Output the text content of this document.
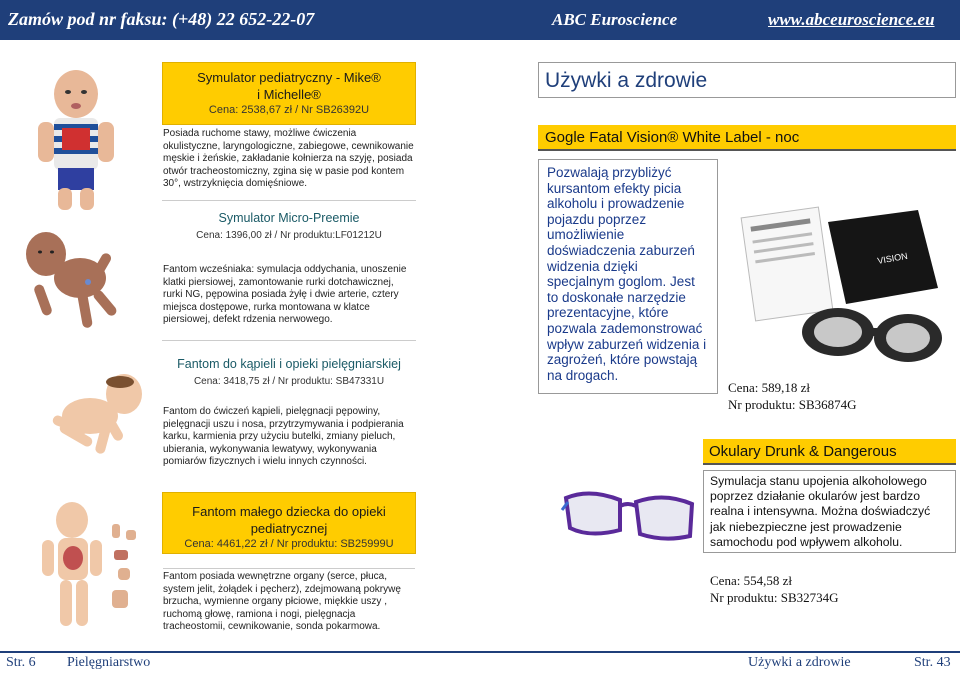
Zamów pod nr faksu: (+48) 22 652-22-07	ABC Euroscience	www.abceuroscience.eu
Symulator pediatryczny - Mike®
i Michelle®
Cena: 2538,67 zł / Nr SB26392U
Posiada ruchome stawy, możliwe ćwiczenia okulistyczne, laryngologiczne, zabiegowe, cewnikowanie męskie i żeńskie, zakładanie kołnierza na szyję, posiada otwór tracheostomiczny, zgina się w pasie pod kontem 30°, wstrzyknięcia domięśniowe.
Symulator Micro-Preemie
Cena: 1396,00 zł / Nr produktu:LF01212U
Fantom wcześniaka: symulacja oddychania, unoszenie klatki piersiowej, zamontowanie rurki dotchawicznej, rurki NG, pępowina posiada żyłę i dwie arterie, cztery miejsca dostępowe, rurka montowana w klatce piersiowej, defekt rdzenia nerwowego.
Fantom do kąpieli i opieki pielęgniarskiej
Cena: 3418,75 zł / Nr produktu: SB47331U
Fantom do ćwiczeń kąpieli, pielęgnacji pępowiny, pielęgnacji uszu i nosa, przytrzymywania i podpierania karku, karmienia przy użyciu butelki, zmiany pieluch, ubierania, wykonywania lewatywy, wykonywania pomiarów fizycznych i wielu innych czynności.
Fantom małego dziecka do opieki
pediatrycznej
Cena: 4461,22 zł / Nr produktu: SB25999U
Fantom posiada wewnętrzne organy (serce, płuca, system jelit, żołądek i pęcherz), zdejmowaną pokrywę brzucha, wymienne organy płciowe, miękkie uszy , ruchomą głowę, ramiona i nogi, pielęgnacja tracheostomii, cewnikowanie, sonda pokarmowa.
Używki a zdrowie
Gogle Fatal Vision® White Label - noc
Pozwalają przybliżyć kursantom efekty picia alkoholu i prowadzenie pojazdu poprzez umożliwienie doświadczenia zaburzeń widzenia dzięki specjalnym goglom. Jest to doskonałe narzędzie prezentacyjne, które pozwala zademonstrować wpływ zaburzeń widzenia i zagrożeń, które powstają na drogach.
VISION
Cena: 589,18 zł
Nr produktu: SB36874G
Okulary Drunk & Dangerous
Symulacja stanu upojenia alkoholowego poprzez działanie okularów jest bardzo realna i intensywna. Można doświadczyć jak niebezpieczne jest prowadzenie samochodu pod wpływem alkoholu.
Cena: 554,58 zł
Nr produktu: SB32734G
Str. 6 Pielęgniarstwo	Używki a zdrowie	Str. 43
